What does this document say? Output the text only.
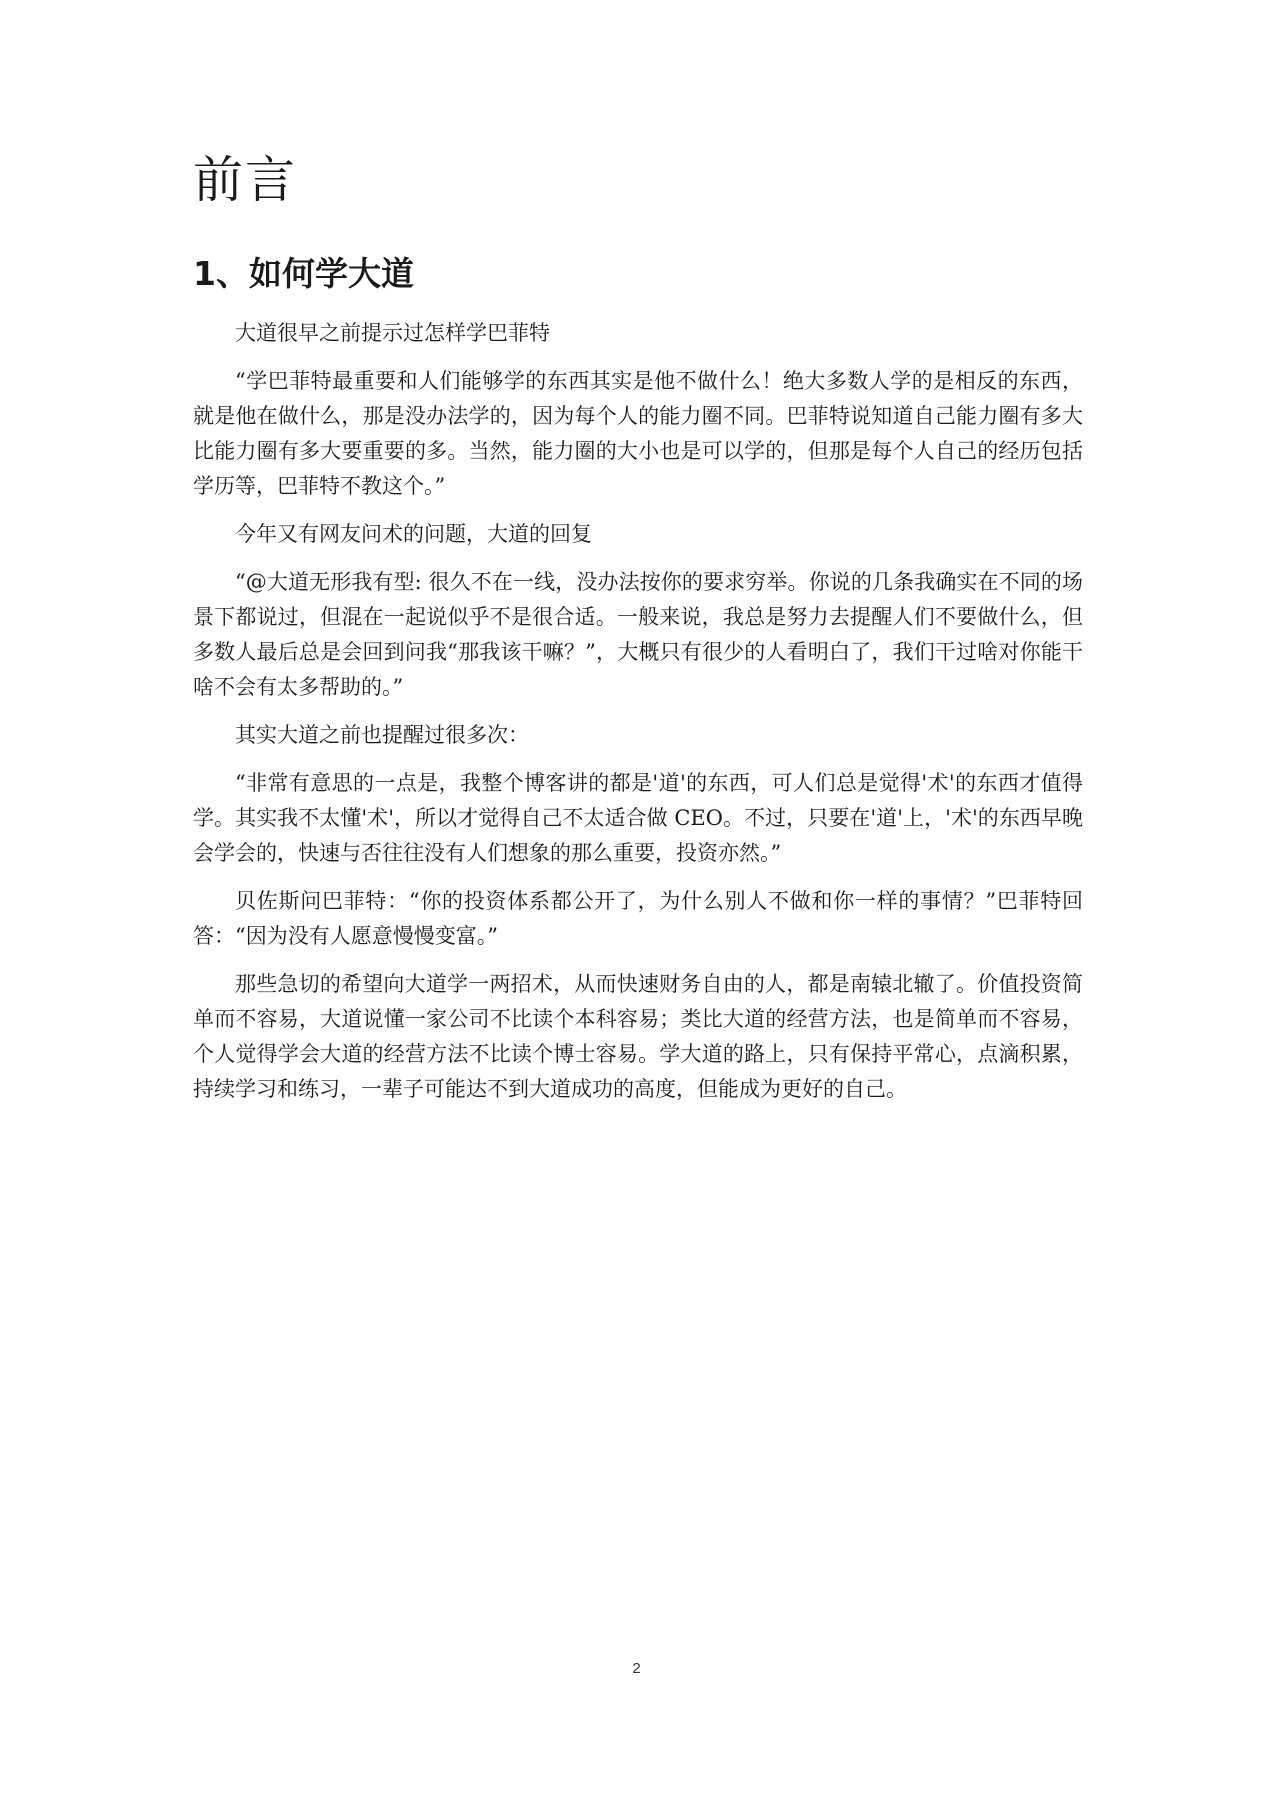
前言
1、如何学大道

大道很早之前提示过怎样学巴菲特

“学巴菲特最重要和人们能够学的东西其实是他不做什么！绝大多数人学的是相反的东西，就是他在做什么，那是没办法学的，因为每个人的能力圈不同。巴菲特说知道自己能力圈有多大比能力圈有多大要重要的多。当然，能力圈的大小也是可以学的，但那是每个人自己的经历包括学历等，巴菲特不教这个。”

今年又有网友问术的问题，大道的回复

“@大道无形我有型: 很久不在一线，没办法按你的要求穷举。你说的几条我确实在不同的场景下都说过，但混在一起说似乎不是很合适。一般来说，我总是努力去提醒人们不要做什么，但多数人最后总是会回到问我“那我该干嘛？”，大概只有很少的人看明白了，我们干过啥对你能干啥不会有太多帮助的。”

其实大道之前也提醒过很多次：

“非常有意思的一点是，我整个博客讲的都是'道'的东西，可人们总是觉得'术'的东西才值得学。其实我不太懂'术'，所以才觉得自己不太适合做 CEO。不过，只要在'道'上，'术'的东西早晚会学会的，快速与否往往没有人们想象的那么重要，投资亦然。”

贝佐斯问巴菲特：“你的投资体系都公开了，为什么别人不做和你一样的事情？”巴菲特回答：“因为没有人愿意慢慢变富。”

那些急切的希望向大道学一两招术，从而快速财务自由的人，都是南辕北辙了。价值投资简单而不容易，大道说懂一家公司不比读个本科容易；类比大道的经营方法，也是简单而不容易，个人觉得学会大道的经营方法不比读个博士容易。学大道的路上，只有保持平常心，点滴积累，持续学习和练习，一辈子可能达不到大道成功的高度，但能成为更好的自己。

2
